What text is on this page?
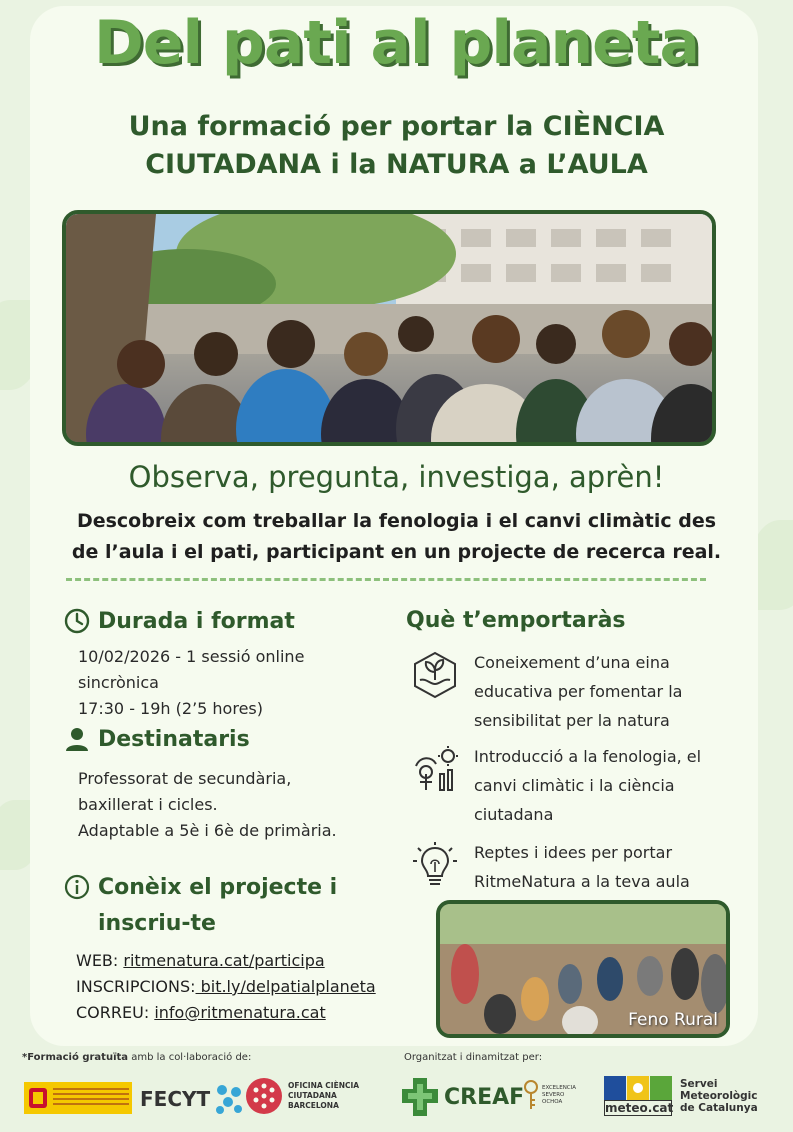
Del pati al planeta
Una formació per portar la CIÈNCIA
CIUTADANA i la NATURA a L’AULA
Observa, pregunta, investiga, aprèn!
Descobreix com treballar la fenologia i el canvi climàtic des
de l’aula i el pati, participant en un projecte de recerca real.
Durada i format
10/02/2026 - 1 sessió online
sincrònica
17:30 - 19h (2’5 hores)
Destinataris
Professorat de secundària,
baxillerat i cicles.
Adaptable a 5è i 6è de primària.
Conèix el projecte i
inscriu-te
WEB: ritmenatura.cat/participa
INSCRIPCIONS: bit.ly/delpatialplaneta
CORREU: info@ritmenatura.cat
Què t’emportaràs
Coneixement d’una eina
educativa per fomentar la
sensibilitat per la natura
Introducció a la fenologia, el
canvi climàtic i la ciència
ciutadana
Reptes i idees per portar
RitmeNatura a la teva aula
Feno Rural
*Formació gratuïta amb la col·laboració de:	Organitzat i dinamitzat per:
FECYT
OFICINA CIÈNCIA CIUTADANA BARCELONA	CREAF	EXCELENCIA SEVERO OCHOA	meteo.cat
Servei Meteorològic de Catalunya
